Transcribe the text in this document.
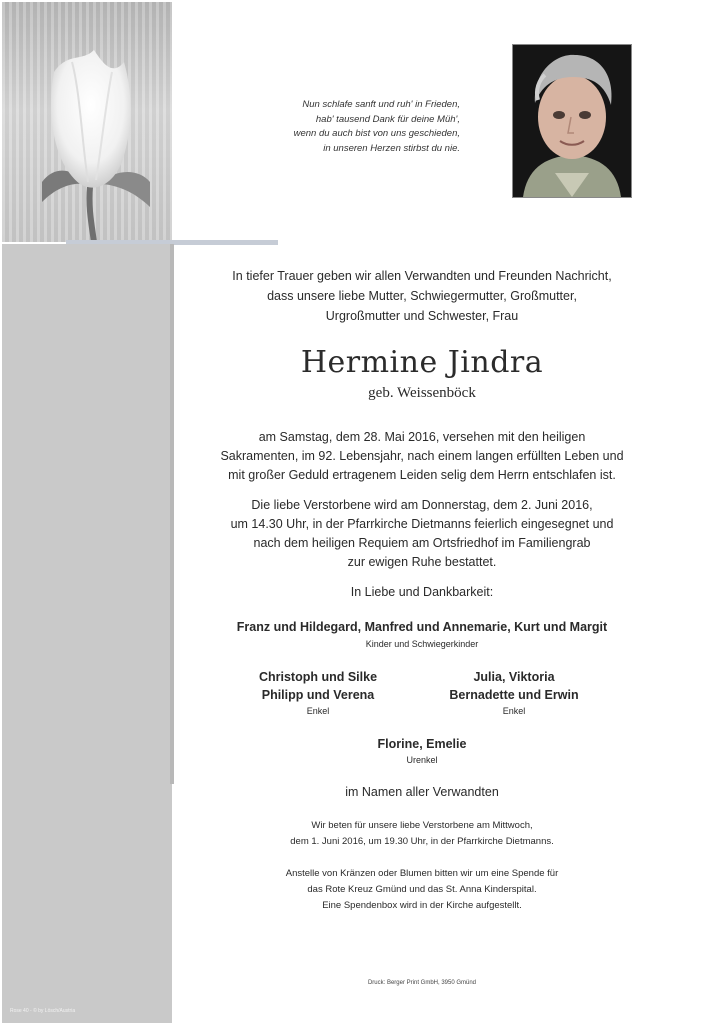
Rose 40 - © by Lösch/Austria
Nun schlafe sanft und ruh' in Frieden,
hab' tausend Dank für deine Müh',
wenn du auch bist von uns geschieden,
in unseren Herzen stirbst du nie.
In tiefer Trauer geben wir allen Verwandten und Freunden Nachricht,
dass unsere liebe Mutter, Schwiegermutter, Großmutter,
Urgroßmutter und Schwester, Frau
Hermine Jindra
geb. Weissenböck
am Samstag, dem 28. Mai 2016, versehen mit den heiligen
Sakramenten, im 92. Lebensjahr, nach einem langen erfüllten Leben und
mit großer Geduld ertragenem Leiden selig dem Herrn entschlafen ist.
Die liebe Verstorbene wird am Donnerstag, dem 2. Juni 2016,
um 14.30 Uhr, in der Pfarrkirche Dietmanns feierlich eingesegnet und
nach dem heiligen Requiem am Ortsfriedhof im Familiengrab
zur ewigen Ruhe bestattet.
In Liebe und Dankbarkeit:
Franz und Hildegard, Manfred und Annemarie, Kurt und Margit
Kinder und Schwiegerkinder
Christoph und Silke
Philipp und Verena
Enkel
Julia, Viktoria
Bernadette und Erwin
Enkel
Florine, Emelie
Urenkel
im Namen aller Verwandten
Wir beten für unsere liebe Verstorbene am Mittwoch,
dem 1. Juni 2016, um 19.30 Uhr, in der Pfarrkirche Dietmanns.
Anstelle von Kränzen oder Blumen bitten wir um eine Spende für
das Rote Kreuz Gmünd und das St. Anna Kinderspital.
Eine Spendenbox wird in der Kirche aufgestellt.
Druck: Berger Print GmbH, 3950 Gmünd
